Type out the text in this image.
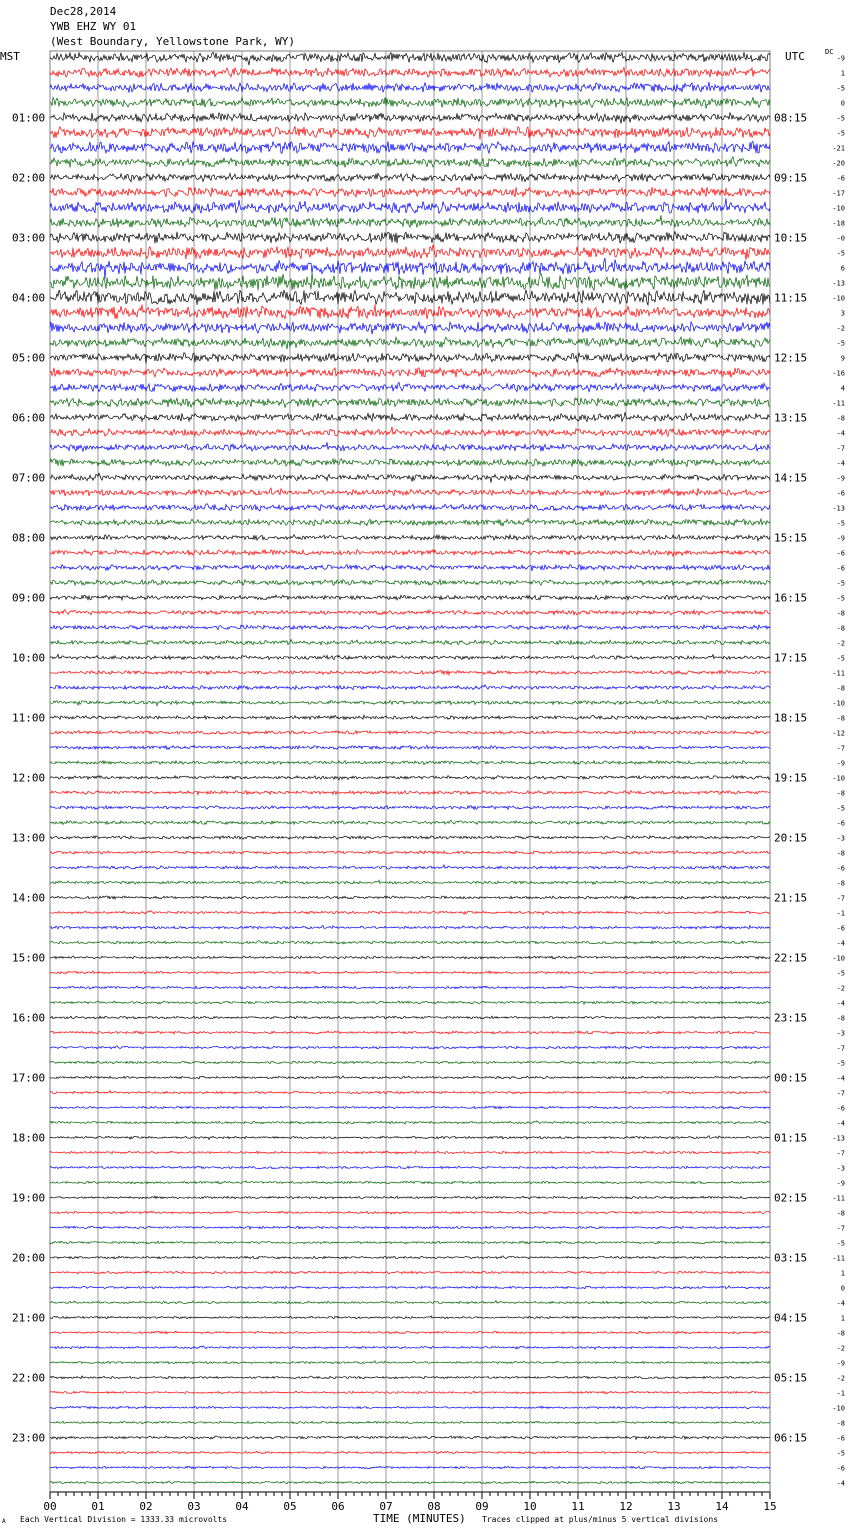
Dec28,2014
YWB EHZ WY 01
(West Boundary, Yellowstone Park, WY)
MST	UTC	DC
01:00
02:00
03:00
04:00
05:00
06:00
07:00
08:00
09:00
10:00
11:00
12:00
13:00
14:00
15:00
16:00
17:00
18:00
19:00
20:00
21:00
22:00
23:00
08:15
09:15
10:15
11:15
12:15
13:15
14:15
15:15
16:15
17:15
18:15
19:15
20:15
21:15
22:15
23:15
00:15
01:15
02:15
03:15
04:15
05:15
06:15
-9
1
-5
0
-5
-5
-21
-20
-6
-17
-10
-18
-0
-5
6
-13
-10
3
-2
-5
9
-16
4
-11
-8
-4
-7
-4
-9
-6
-13
-5
-9
-6
-6
-5
-5
-8
-8
-2
-5
-11
-8
-10
-8
-12
-7
-9
-10
-8
-5
-6
-3
-8
-6
-8
-7
-1
-6
-4
-10
-5
-2
-4
-8
-3
-7
-5
-4
-7
-6
-4
-13
-7
-3
-9
-11
-8
-7
-5
-11
1
0
-4
1
-8
-2
-9
-2
-1
-10
-8
-6
-5
-6
-4
00	01	02	03	04	05	06	07	08	09	10	11	12	13	14	15
A Each Vertical Division = 1333.33 microvolts	TIME (MINUTES) Traces clipped at plus/minus 5 vertical divisions
